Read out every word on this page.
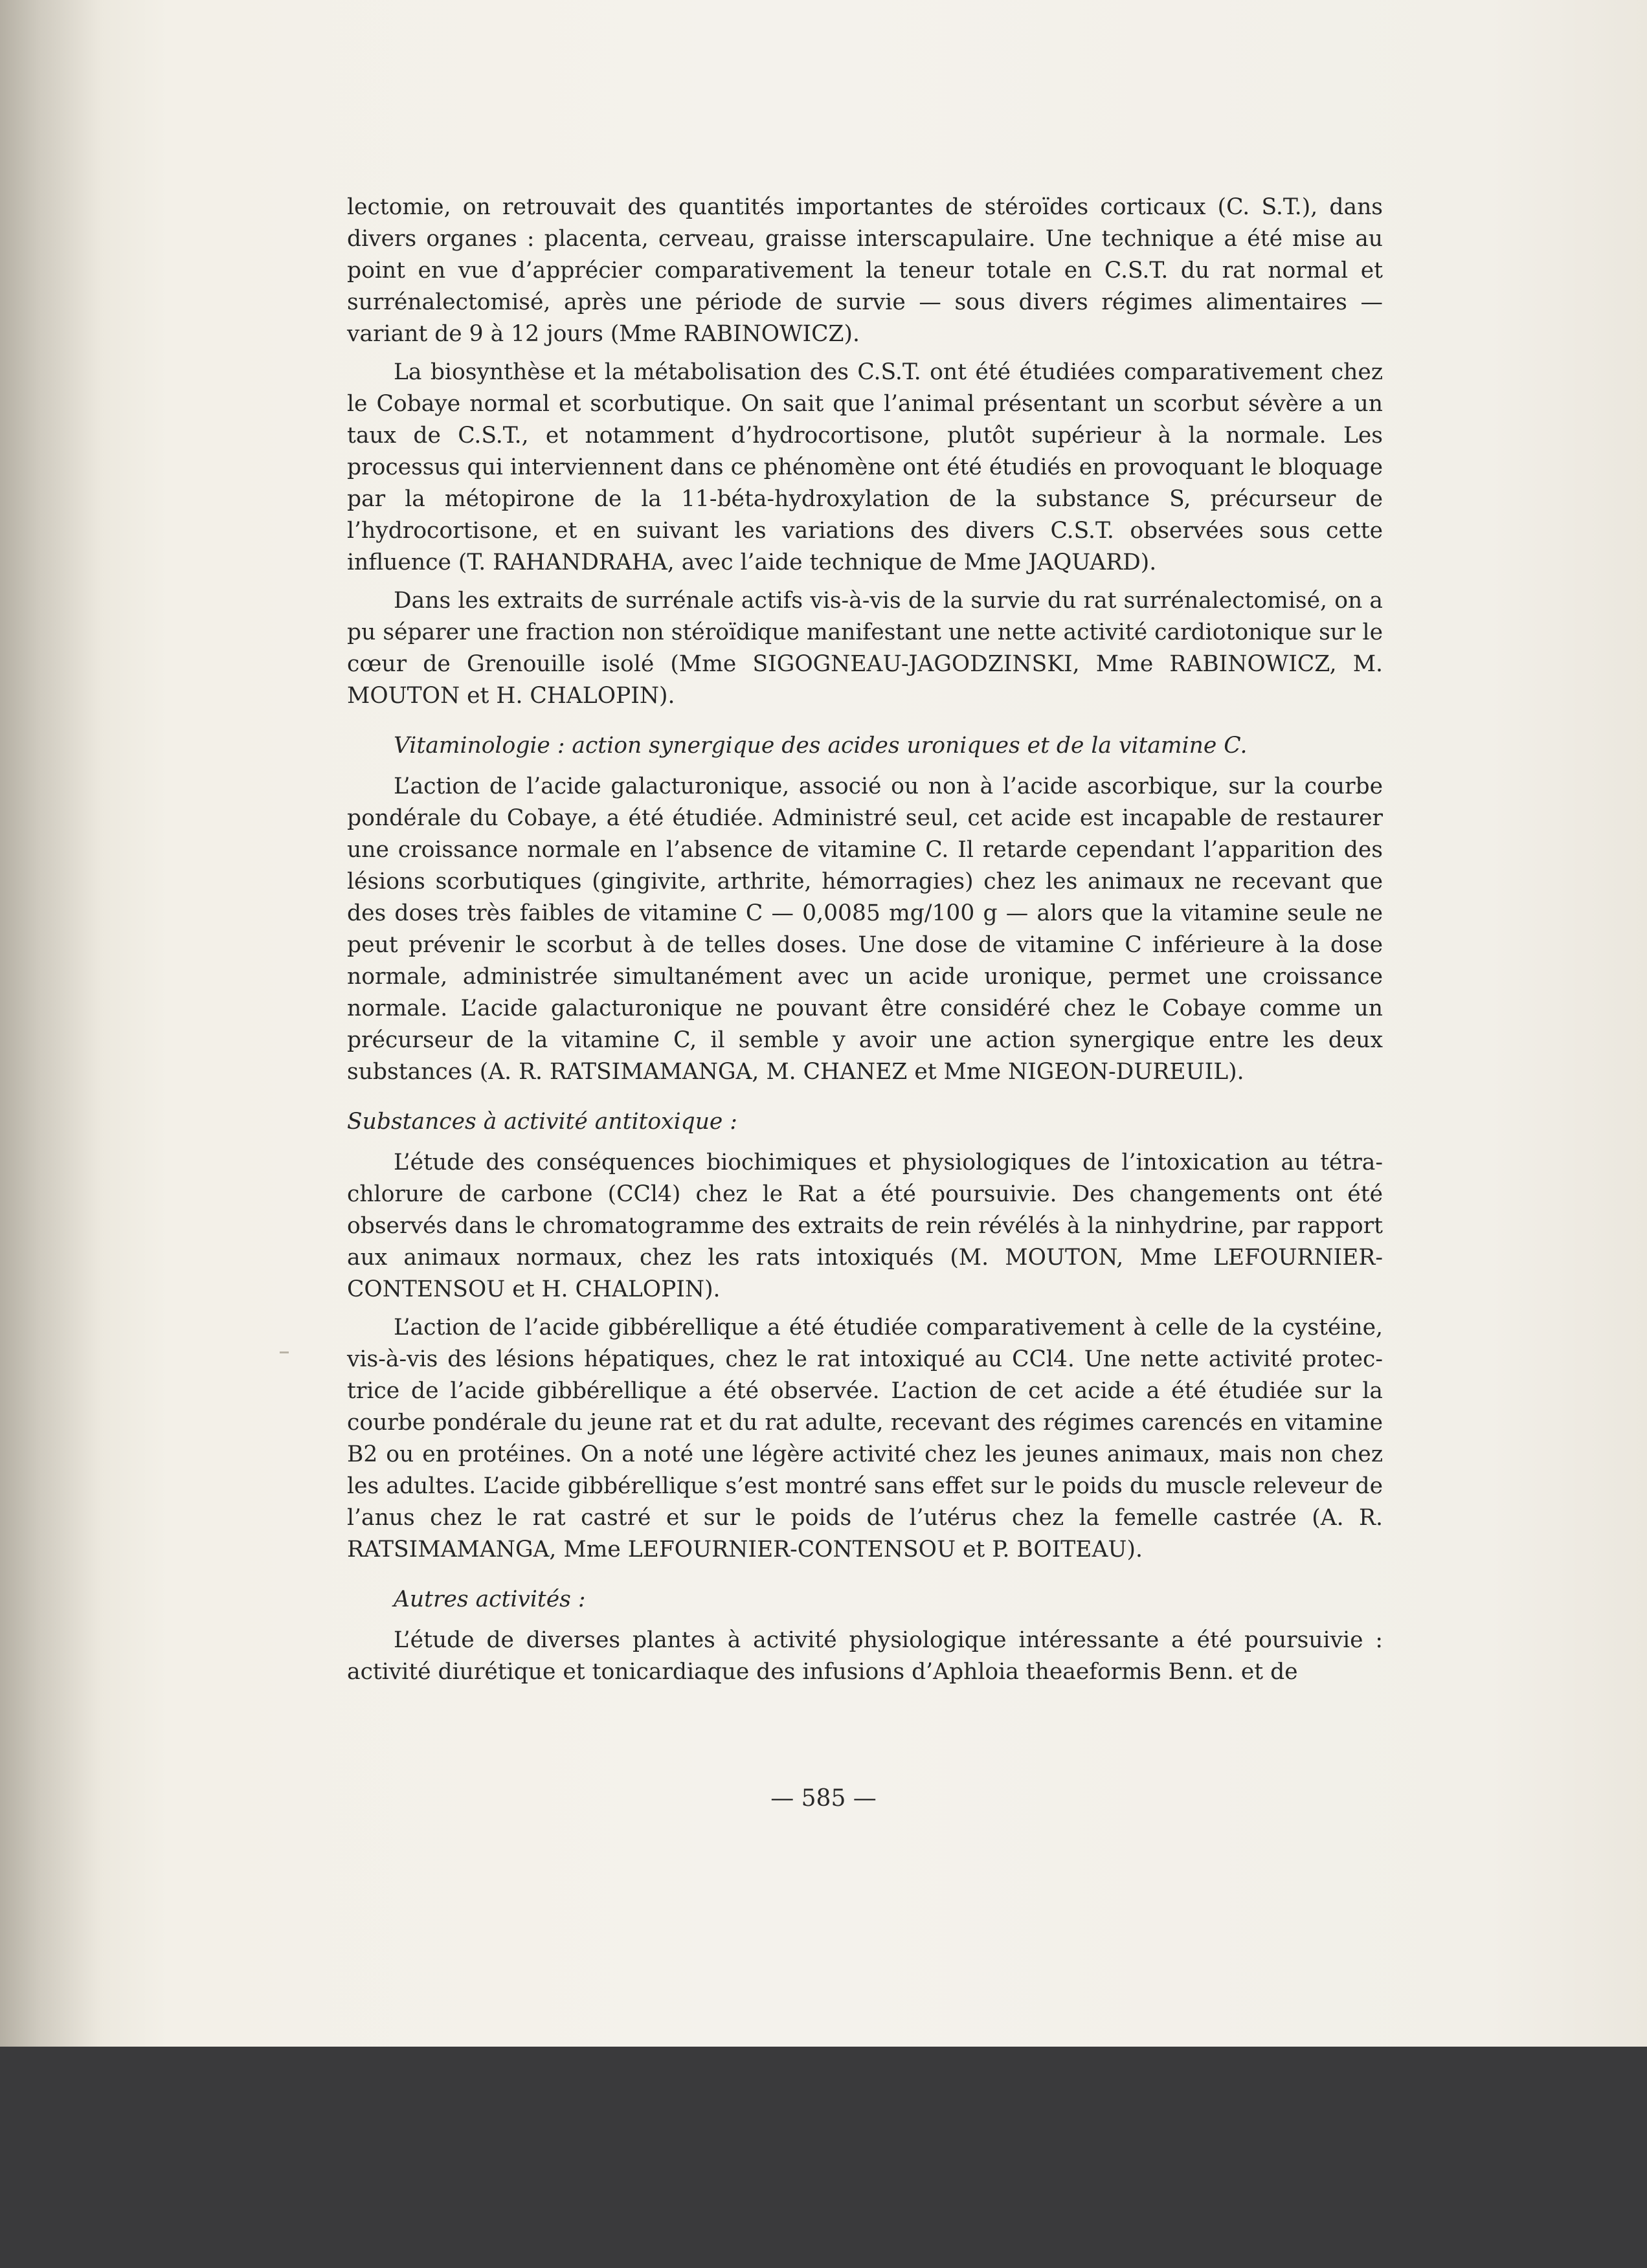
lectomie, on retrouvait des quantités importantes de stéroïdes corticaux (C. S.T.), dans divers organes : placenta, cerveau, graisse interscapulaire. Une technique a été mise au point en vue d’apprécier comparativement la teneur totale en C.S.T. du rat normal et surrénalectomisé, après une période de survie — sous divers régimes alimentaires — variant de 9 à 12 jours (Mme RABINOWICZ).

La biosynthèse et la métabolisation des C.S.T. ont été étudiées comparativement chez le Cobaye normal et scorbutique. On sait que l’animal présentant un scorbut sévère a un taux de C.S.T., et notamment d’hydrocortisone, plutôt supérieur à la normale. Les processus qui interviennent dans ce phénomène ont été étudiés en provoquant le bloquage par la métopirone de la 11-béta-hydroxylation de la substance S, précurseur de l’hydrocortisone, et en suivant les variations des divers C.S.T. observées sous cette influence (T. RAHANDRAHA, avec l’aide technique de Mme JAQUARD).

Dans les extraits de surrénale actifs vis-à-vis de la survie du rat surrénalectomisé, on a pu séparer une fraction non stéroïdique manifestant une nette activité cardiotonique sur le cœur de Grenouille isolé (Mme SIGOGNEAU-JAGODZINSKI, Mme RABINOWICZ, M. MOUTON et H. CHALOPIN).

Vitaminologie : action synergique des acides uroniques et de la vitamine C.

L’action de l’acide galacturonique, associé ou non à l’acide ascorbique, sur la courbe pondérale du Cobaye, a été étudiée. Administré seul, cet acide est incapable de restaurer une croissance normale en l’absence de vitamine C. Il retarde cependant l’apparition des lésions scorbutiques (gingivite, arthrite, hémorragies) chez les animaux ne recevant que des doses très faibles de vitamine C — 0,0085 mg/100 g — alors que la vitamine seule ne peut prévenir le scorbut à de telles doses. Une dose de vitamine C inférieure à la dose normale, administrée simultanément avec un acide uronique, permet une croissance normale. L’acide galacturonique ne pouvant être considéré chez le Cobaye comme un précurseur de la vitamine C, il semble y avoir une action synergique entre les deux substances (A. R. RATSIMAMANGA, M. CHANEZ et Mme NIGEON-DUREUIL).

Substances à activité antitoxique :

L’étude des conséquences biochimiques et physiologiques de l’intoxication au tétrachlorure de carbone (CCl4) chez le Rat a été poursuivie. Des changements ont été observés dans le chromatogramme des extraits de rein révélés à la ninhydrine, par rapport aux animaux normaux, chez les rats intoxiqués (M. MOUTON, Mme LEFOURNIER-CONTENSOU et H. CHALOPIN).

L’action de l’acide gibbérellique a été étudiée comparativement à celle de la cystéine, vis-à-vis des lésions hépatiques, chez le rat intoxiqué au CCl4. Une nette activité protectrice de l’acide gibbérellique a été observée. L’action de cet acide a été étudiée sur la courbe pondérale du jeune rat et du rat adulte, recevant des régimes carencés en vitamine B2 ou en protéines. On a noté une légère activité chez les jeunes animaux, mais non chez les adultes. L’acide gibbérellique s’est montré sans effet sur le poids du muscle releveur de l’anus chez le rat castré et sur le poids de l’utérus chez la femelle castrée (A. R. RATSIMAMANGA, Mme LEFOURNIER-CONTENSOU et P. BOITEAU).

Autres activités :

L’étude de diverses plantes à activité physiologique intéressante a été poursuivie : activité diurétique et tonicardiaque des infusions d’Aphloia theaeformis Benn. et de

— 585 —
